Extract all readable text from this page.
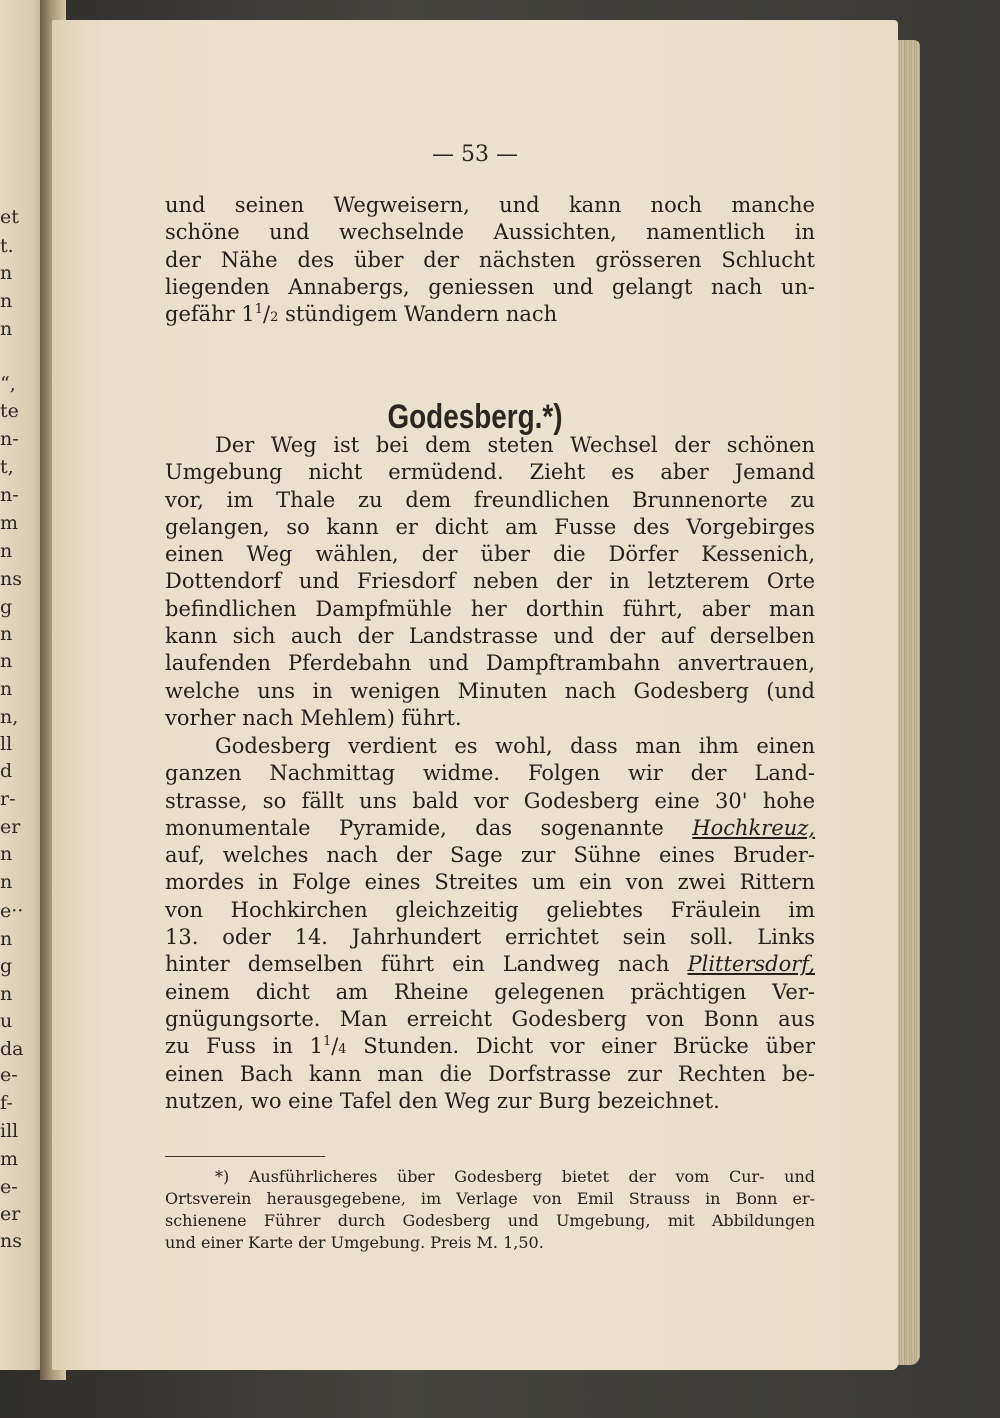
et
t.
n
n
n
“,
te
n-
t,
n-
m
n
ns
g
n
n
n
n,
ll
d
r-
er
n
n
e··
n
g
n
u
da
e-
f-
ill
m
e-
er
ns
— 53 —
und seinen Wegweisern, und kann noch manche
schöne und wechselnde Aussichten, namentlich in
der Nähe des über der nächsten grösseren Schlucht
liegenden Annabergs, geniessen und gelangt nach un-
gefähr $1^1/2$ stündigem Wandern nach
Godesberg.*)
Der Weg ist bei dem steten Wechsel der schönen
Umgebung nicht ermüdend. Zieht es aber Jemand
vor, im Thale zu dem freundlichen Brunnenorte zu
gelangen, so kann er dicht am Fusse des Vorgebirges
einen Weg wählen, der über die Dörfer Kessenich,
Dottendorf und Friesdorf neben der in letzterem Orte
befindlichen Dampfmühle her dorthin führt, aber man
kann sich auch der Landstrasse und der auf derselben
laufenden Pferdebahn und Dampftrambahn anvertrauen,
welche uns in wenigen Minuten nach Godesberg (und
vorher nach Mehlem) führt.
Godesberg verdient es wohl, dass man ihm einen
ganzen Nachmittag widme. Folgen wir der Land-
strasse, so fällt uns bald vor Godesberg eine 30' hohe
monumentale Pyramide, das sogenannte Hochkreuz,
auf, welches nach der Sage zur Sühne eines Bruder-
mordes in Folge eines Streites um ein von zwei Rittern
von Hochkirchen gleichzeitig geliebtes Fräulein im
13. oder 14. Jahrhundert errichtet sein soll. Links
hinter demselben führt ein Landweg nach Plittersdorf,
einem dicht am Rheine gelegenen prächtigen Ver-
gnügungsorte. Man erreicht Godesberg von Bonn aus
zu Fuss in $1^1/4$ Stunden. Dicht vor einer Brücke über
einen Bach kann man die Dorfstrasse zur Rechten be-
nutzen, wo eine Tafel den Weg zur Burg bezeichnet.
*) Ausführlicheres über Godesberg bietet der vom Cur- und
Ortsverein herausgegebene, im Verlage von Emil Strauss in Bonn er-
schienene Führer durch Godesberg und Umgebung, mit Abbildungen
und einer Karte der Umgebung. Preis M. 1,50.
